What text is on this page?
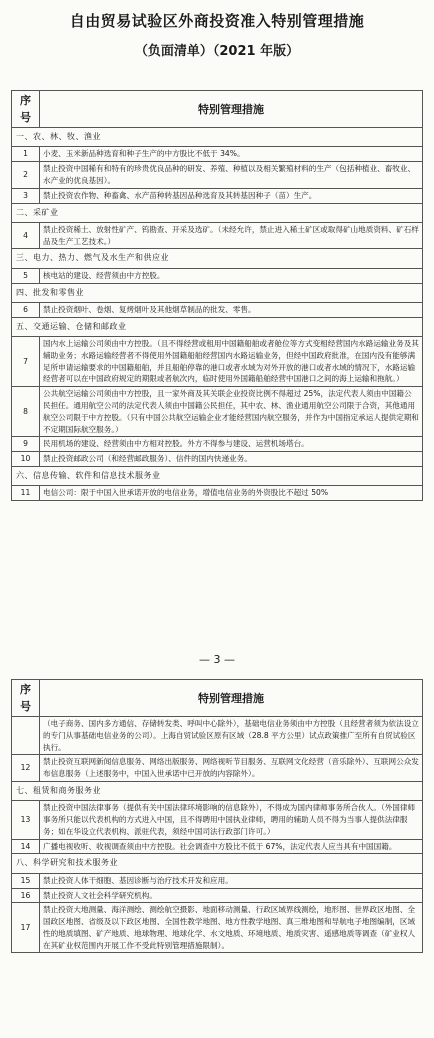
自由贸易试验区外商投资准入特别管理措施
（负面清单）（2021 年版）
序号	特别管理措施
一、农、林、牧、渔业	
1	小麦、玉米新品种选育和种子生产的中方股比不低于 34%。
2	禁止投资中国稀有和特有的珍贵优良品种的研发、养殖、种植以及相关繁殖材料的生产（包括种植业、畜牧业、水产业的优良基因）。
3	禁止投资农作物、种畜禽、水产苗种转基因品种选育及其转基因种子（苗）生产。
二、采矿业	
4	禁止投资稀土、放射性矿产、钨勘查、开采及选矿。（未经允许，禁止进入稀土矿区或取得矿山地质资料、矿石样品及生产工艺技术。）
三、电力、热力、燃气及水生产和供应业	
5	核电站的建设、经营须由中方控股。
四、批发和零售业	
6	禁止投资烟叶、卷烟、复烤烟叶及其他烟草制品的批发、零售。
五、交通运输、仓储和邮政业	
7	国内水上运输公司须由中方控股。（且不得经营或租用中国籍船舶或者舱位等方式变相经营国内水路运输业务及其辅助业务；水路运输经营者不得使用外国籍船舶经营国内水路运输业务，但经中国政府批准，在国内没有能够满足所申请运输要求的中国籍船舶，并且船舶停靠的港口或者水域为对外开放的港口或者水域的情况下，水路运输经营者可以在中国政府规定的期限或者航次内，临时使用外国籍船舶经营中国港口之间的海上运输和拖航。）
8	公共航空运输公司须由中方控股，且一家外商及其关联企业投资比例不得超过 25%，法定代表人须由中国籍公民担任。通用航空公司的法定代表人须由中国籍公民担任，其中农、林、渔业通用航空公司限于合资，其他通用航空公司限于中方控股。（只有中国公共航空运输企业才能经营国内航空服务，并作为中国指定承运人提供定期和不定期国际航空服务。）
9	民用机场的建设、经营须由中方相对控股。外方不得参与建设、运营机场塔台。
10	禁止投资邮政公司（和经营邮政服务）、信件的国内快递业务。
六、信息传输、软件和信息技术服务业	
11	电信公司：限于中国入世承诺开放的电信业务，增值电信业务的外资股比不超过 50%
— 3 —
序号	特别管理措施
	（电子商务、国内多方通信、存储转发类、呼叫中心除外），基础电信业务须由中方控股（且经营者须为依法设立的专门从事基础电信业务的公司）。上海自贸试验区原有区域（28.8 平方公里）试点政策推广至所有自贸试验区执行。
12	禁止投资互联网新闻信息服务、网络出版服务、网络视听节目服务、互联网文化经营（音乐除外）、互联网公众发布信息服务（上述服务中，中国入世承诺中已开放的内容除外）。
七、租赁和商务服务业	
13	禁止投资中国法律事务（提供有关中国法律环境影响的信息除外），不得成为国内律师事务所合伙人。（外国律师事务所只能以代表机构的方式进入中国，且不得聘用中国执业律师，聘用的辅助人员不得为当事人提供法律服务；如在华设立代表机构、派驻代表，须经中国司法行政部门许可。）
14	广播电视收听、收视调查须由中方控股。社会调查中方股比不低于 67%，法定代表人应当具有中国国籍。
八、科学研究和技术服务业	
15	禁止投资人体干细胞、基因诊断与治疗技术开发和应用。
16	禁止投资人文社会科学研究机构。
17	禁止投资大地测量、海洋测绘、测绘航空摄影、地面移动测量、行政区域界线测绘，地形图、世界政区地图、全国政区地图、省级及以下政区地图、全国性教学地图、地方性教学地图、真三维地图和导航电子地图编制，区域性的地质填图、矿产地质、地球物理、地球化学、水文地质、环境地质、地质灾害、遥感地质等调查（矿业权人在其矿业权范围内开展工作不受此特别管理措施限制）。
